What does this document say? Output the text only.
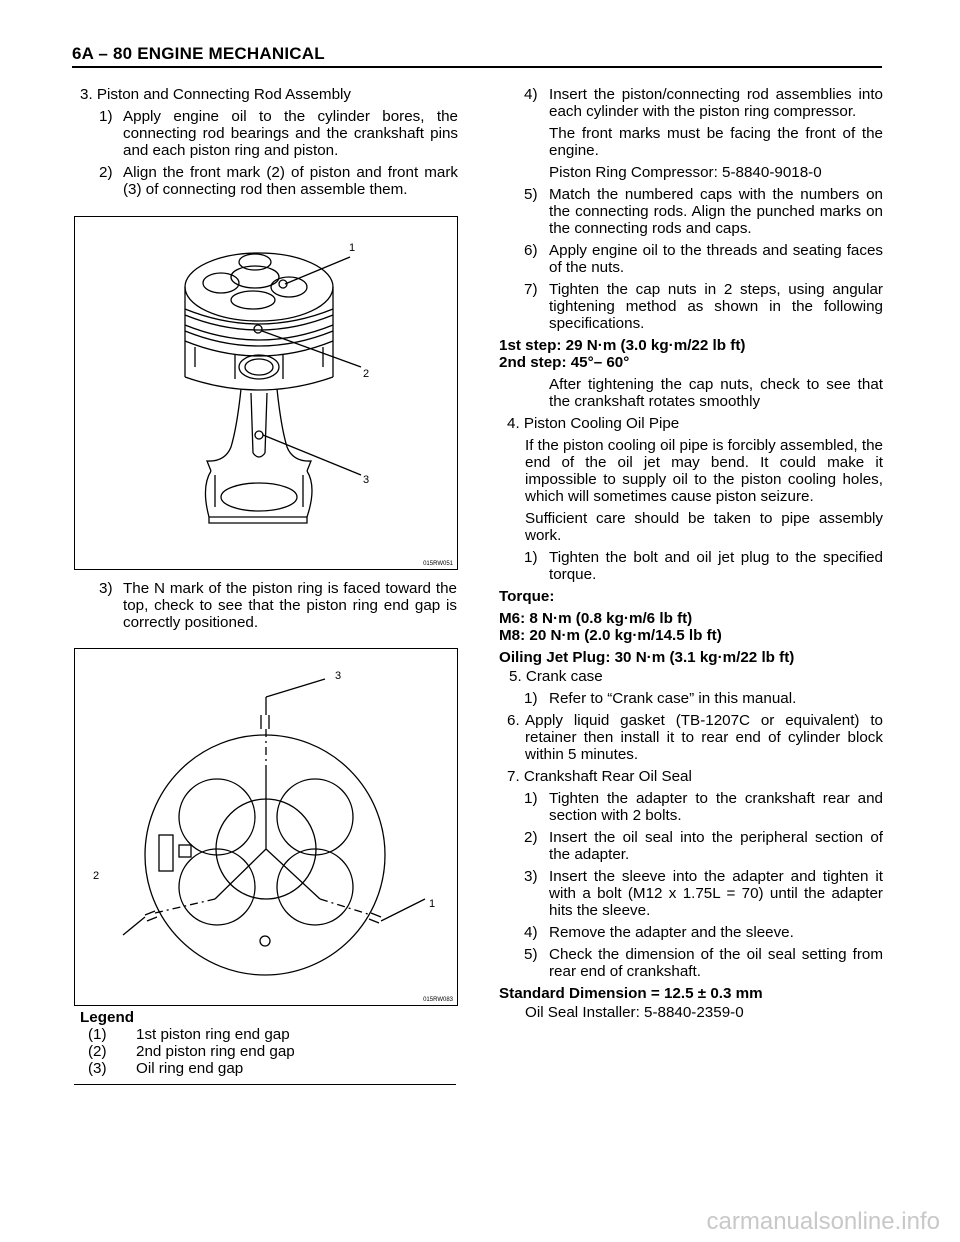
6A – 80 ENGINE MECHANICAL

3. Piston and Connecting Rod Assembly

1) Apply engine oil to the cylinder bores, the connecting rod bearings and the crankshaft pins and each piston ring and piston.
2) Align the front mark (2) of piston and front mark (3) of connecting rod then assemble them.
1
2
3
015RW051
3) The N mark of the piston ring is faced toward the top, check to see that the piston ring end gap is correctly positioned.
3
2
1
015RW083
Legend
(1)	1st piston ring end gap
(2)	2nd piston ring end gap
(3)	Oil ring end gap
4) Insert the piston/connecting rod assemblies into each cylinder with the piston ring compressor.

The front marks must be facing the front of the engine.

Piston Ring Compressor: 5-8840-9018-0

5) Match the numbered caps with the numbers on the connecting rods. Align the punched marks on the connecting rods and caps.
6) Apply engine oil to the threads and seating faces of the nuts.
7) Tighten the cap nuts in 2 steps, using angular tightening method as shown in the following specifications.
1st step: 29 N·m (3.0 kg·m/22 lb ft)
2nd step: 45°– 60°

After tightening the cap nuts, check to see that the crankshaft rotates smoothly

4. Piston Cooling Oil Pipe

If the piston cooling oil pipe is forcibly assembled, the end of the oil jet may bend. It could make it impossible to supply oil to the piston cooling holes, which will sometimes cause piston seizure.

Sufficient care should be taken to pipe assembly work.

1) Tighten the bolt and oil jet plug to the specified torque.
Torque:
M6: 8 N·m (0.8 kg·m/6 lb ft)
M8: 20 N·m (2.0 kg·m/14.5 lb ft)
Oiling Jet Plug: 30 N·m (3.1 kg·m/22 lb ft)

5. Crank case

1) Refer to “Crank case” in this manual.
6. Apply liquid gasket (TB-1207C or equivalent) to retainer then install it to rear end of cylinder block within 5 minutes.

7. Crankshaft Rear Oil Seal

1) Tighten the adapter to the crankshaft rear and section with 2 bolts.
2) Insert the oil seal into the peripheral section of the adapter.
3) Insert the sleeve into the adapter and tighten it with a bolt (M12 x 1.75L = 70) until the adapter hits the sleeve.
4) Remove the adapter and the sleeve.
5) Check the dimension of the oil seal setting from rear end of crankshaft.
Standard Dimension = 12.5 ± 0.3 mm

Oil Seal Installer: 5-8840-2359-0

carmanualsonline.info
